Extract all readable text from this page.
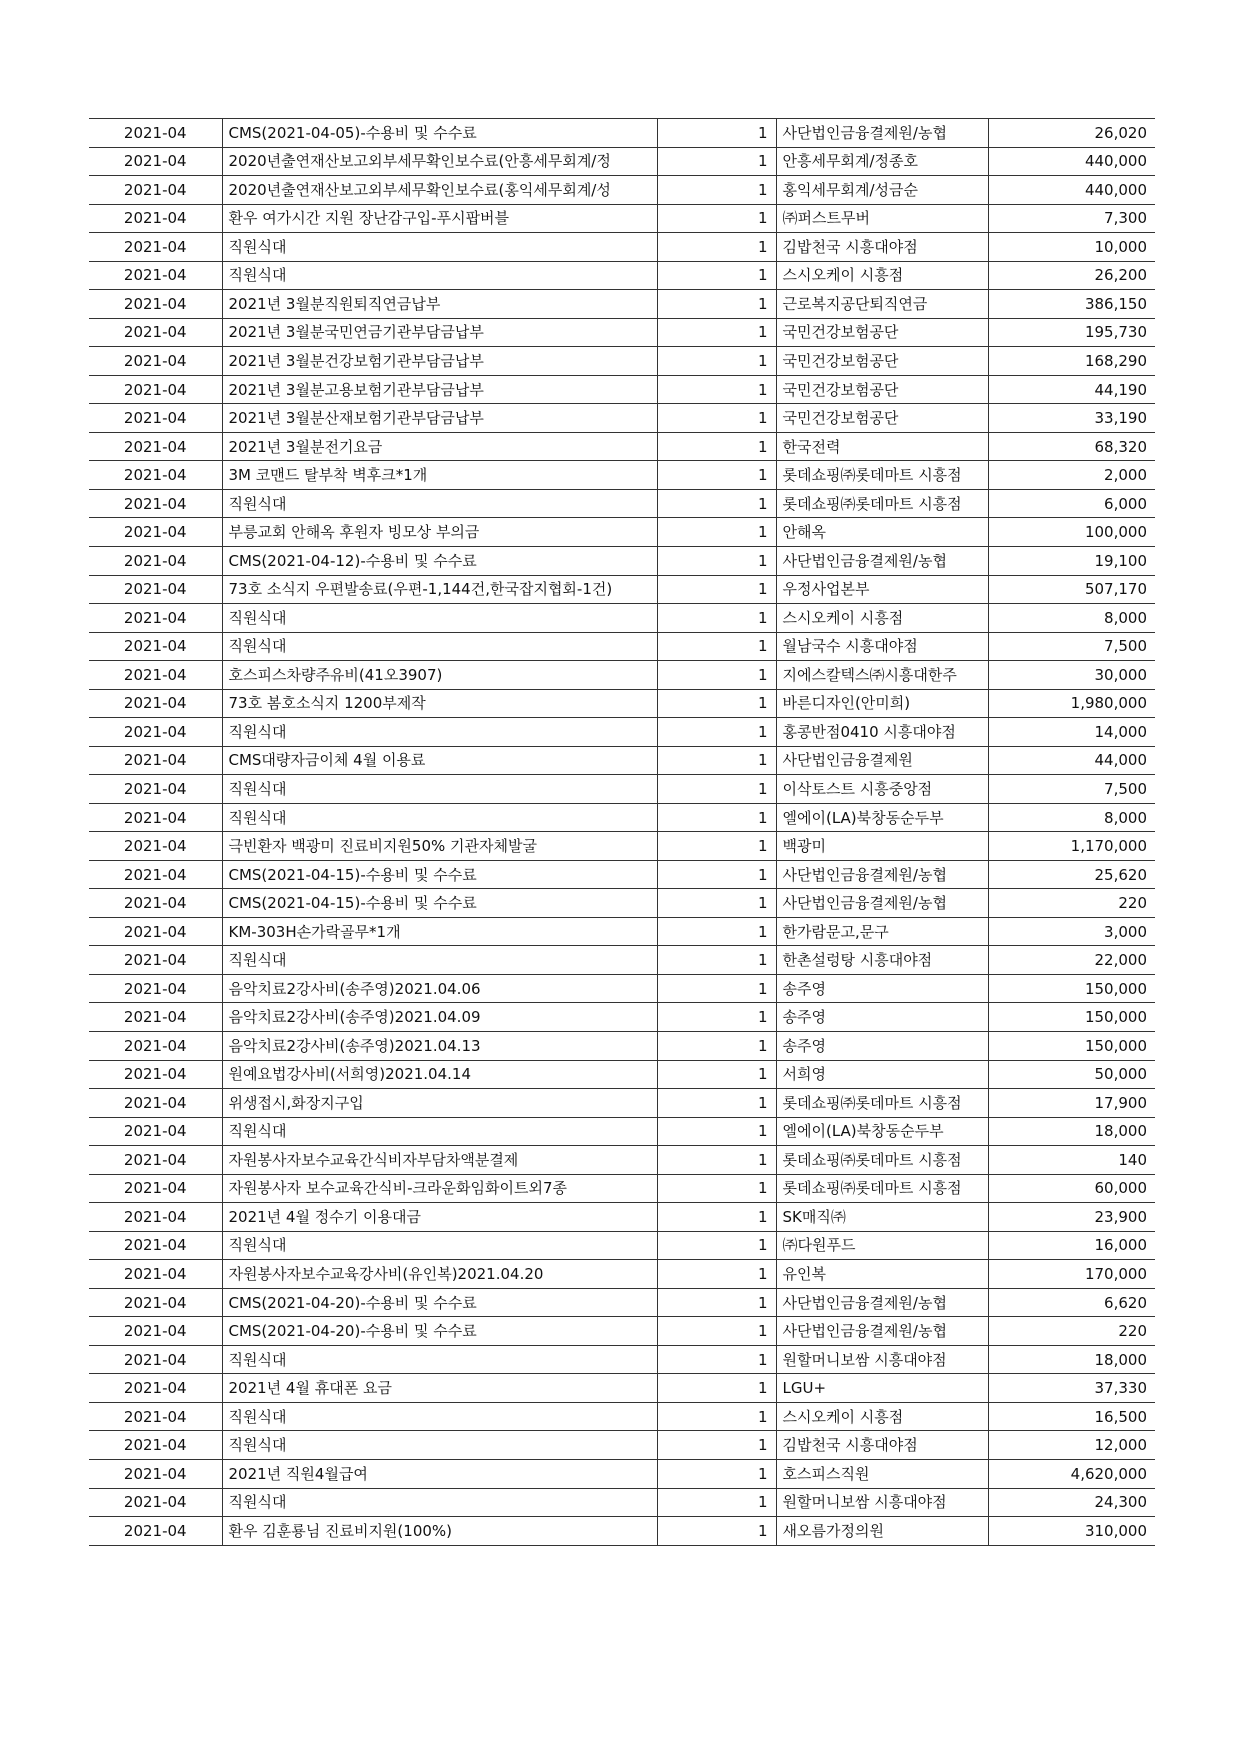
2021-04	CMS(2021-04-05)-수용비 및 수수료	1	사단법인금융결제원/농협	26,020
2021-04	2020년출연재산보고외부세무확인보수료(안흥세무회계/정	1	안흥세무회계/정종호	440,000
2021-04	2020년출연재산보고외부세무확인보수료(홍익세무회계/성	1	홍익세무회계/성금순	440,000
2021-04	환우 여가시간 지원 장난감구입-푸시팝버블	1	㈜퍼스트무버	7,300
2021-04	직원식대	1	김밥천국 시흥대야점	10,000
2021-04	직원식대	1	스시오케이 시흥점	26,200
2021-04	2021년 3월분직원퇴직연금납부	1	근로복지공단퇴직연금	386,150
2021-04	2021년 3월분국민연금기관부담금납부	1	국민건강보험공단	195,730
2021-04	2021년 3월분건강보험기관부담금납부	1	국민건강보험공단	168,290
2021-04	2021년 3월분고용보험기관부담금납부	1	국민건강보험공단	44,190
2021-04	2021년 3월분산재보험기관부담금납부	1	국민건강보험공단	33,190
2021-04	2021년 3월분전기요금	1	한국전력	68,320
2021-04	3M 코맨드 탈부착 벽후크*1개	1	롯데쇼핑㈜롯데마트 시흥점	2,000
2021-04	직원식대	1	롯데쇼핑㈜롯데마트 시흥점	6,000
2021-04	부릉교회 안해옥 후원자 빙모상 부의금	1	안해옥	100,000
2021-04	CMS(2021-04-12)-수용비 및 수수료	1	사단법인금융결제원/농협	19,100
2021-04	73호 소식지 우편발송료(우편-1,144건,한국잡지협회-1건)	1	우정사업본부	507,170
2021-04	직원식대	1	스시오케이 시흥점	8,000
2021-04	직원식대	1	월남국수 시흥대야점	7,500
2021-04	호스피스차량주유비(41오3907)	1	지에스칼텍스㈜시흥대한주	30,000
2021-04	73호 봄호소식지 1200부제작	1	바른디자인(안미희)	1,980,000
2021-04	직원식대	1	홍콩반점0410 시흥대야점	14,000
2021-04	CMS대량자금이체 4월 이용료	1	사단법인금융결제원	44,000
2021-04	직원식대	1	이삭토스트 시흥중앙점	7,500
2021-04	직원식대	1	엘에이(LA)북창동순두부	8,000
2021-04	극빈환자 백광미 진료비지원50% 기관자체발굴	1	백광미	1,170,000
2021-04	CMS(2021-04-15)-수용비 및 수수료	1	사단법인금융결제원/농협	25,620
2021-04	CMS(2021-04-15)-수용비 및 수수료	1	사단법인금융결제원/농협	220
2021-04	KM-303H손가락골무*1개	1	한가람문고,문구	3,000
2021-04	직원식대	1	한촌설렁탕 시흥대야점	22,000
2021-04	음악치료2강사비(송주영)2021.04.06	1	송주영	150,000
2021-04	음악치료2강사비(송주영)2021.04.09	1	송주영	150,000
2021-04	음악치료2강사비(송주영)2021.04.13	1	송주영	150,000
2021-04	원예요법강사비(서희영)2021.04.14	1	서희영	50,000
2021-04	위생접시,화장지구입	1	롯데쇼핑㈜롯데마트 시흥점	17,900
2021-04	직원식대	1	엘에이(LA)북창동순두부	18,000
2021-04	자원봉사자보수교육간식비자부담차액분결제	1	롯데쇼핑㈜롯데마트 시흥점	140
2021-04	자원봉사자 보수교육간식비-크라운화임화이트외7종	1	롯데쇼핑㈜롯데마트 시흥점	60,000
2021-04	2021년 4월 정수기 이용대금	1	SK매직㈜	23,900
2021-04	직원식대	1	㈜다원푸드	16,000
2021-04	자원봉사자보수교육강사비(유인복)2021.04.20	1	유인복	170,000
2021-04	CMS(2021-04-20)-수용비 및 수수료	1	사단법인금융결제원/농협	6,620
2021-04	CMS(2021-04-20)-수용비 및 수수료	1	사단법인금융결제원/농협	220
2021-04	직원식대	1	원할머니보쌈 시흥대야점	18,000
2021-04	2021년 4월 휴대폰 요금	1	LGU+	37,330
2021-04	직원식대	1	스시오케이 시흥점	16,500
2021-04	직원식대	1	김밥천국 시흥대야점	12,000
2021-04	2021년 직원4월급여	1	호스피스직원	4,620,000
2021-04	직원식대	1	원할머니보쌈 시흥대야점	24,300
2021-04	환우 김훈룡님 진료비지원(100%)	1	새오름가정의원	310,000
